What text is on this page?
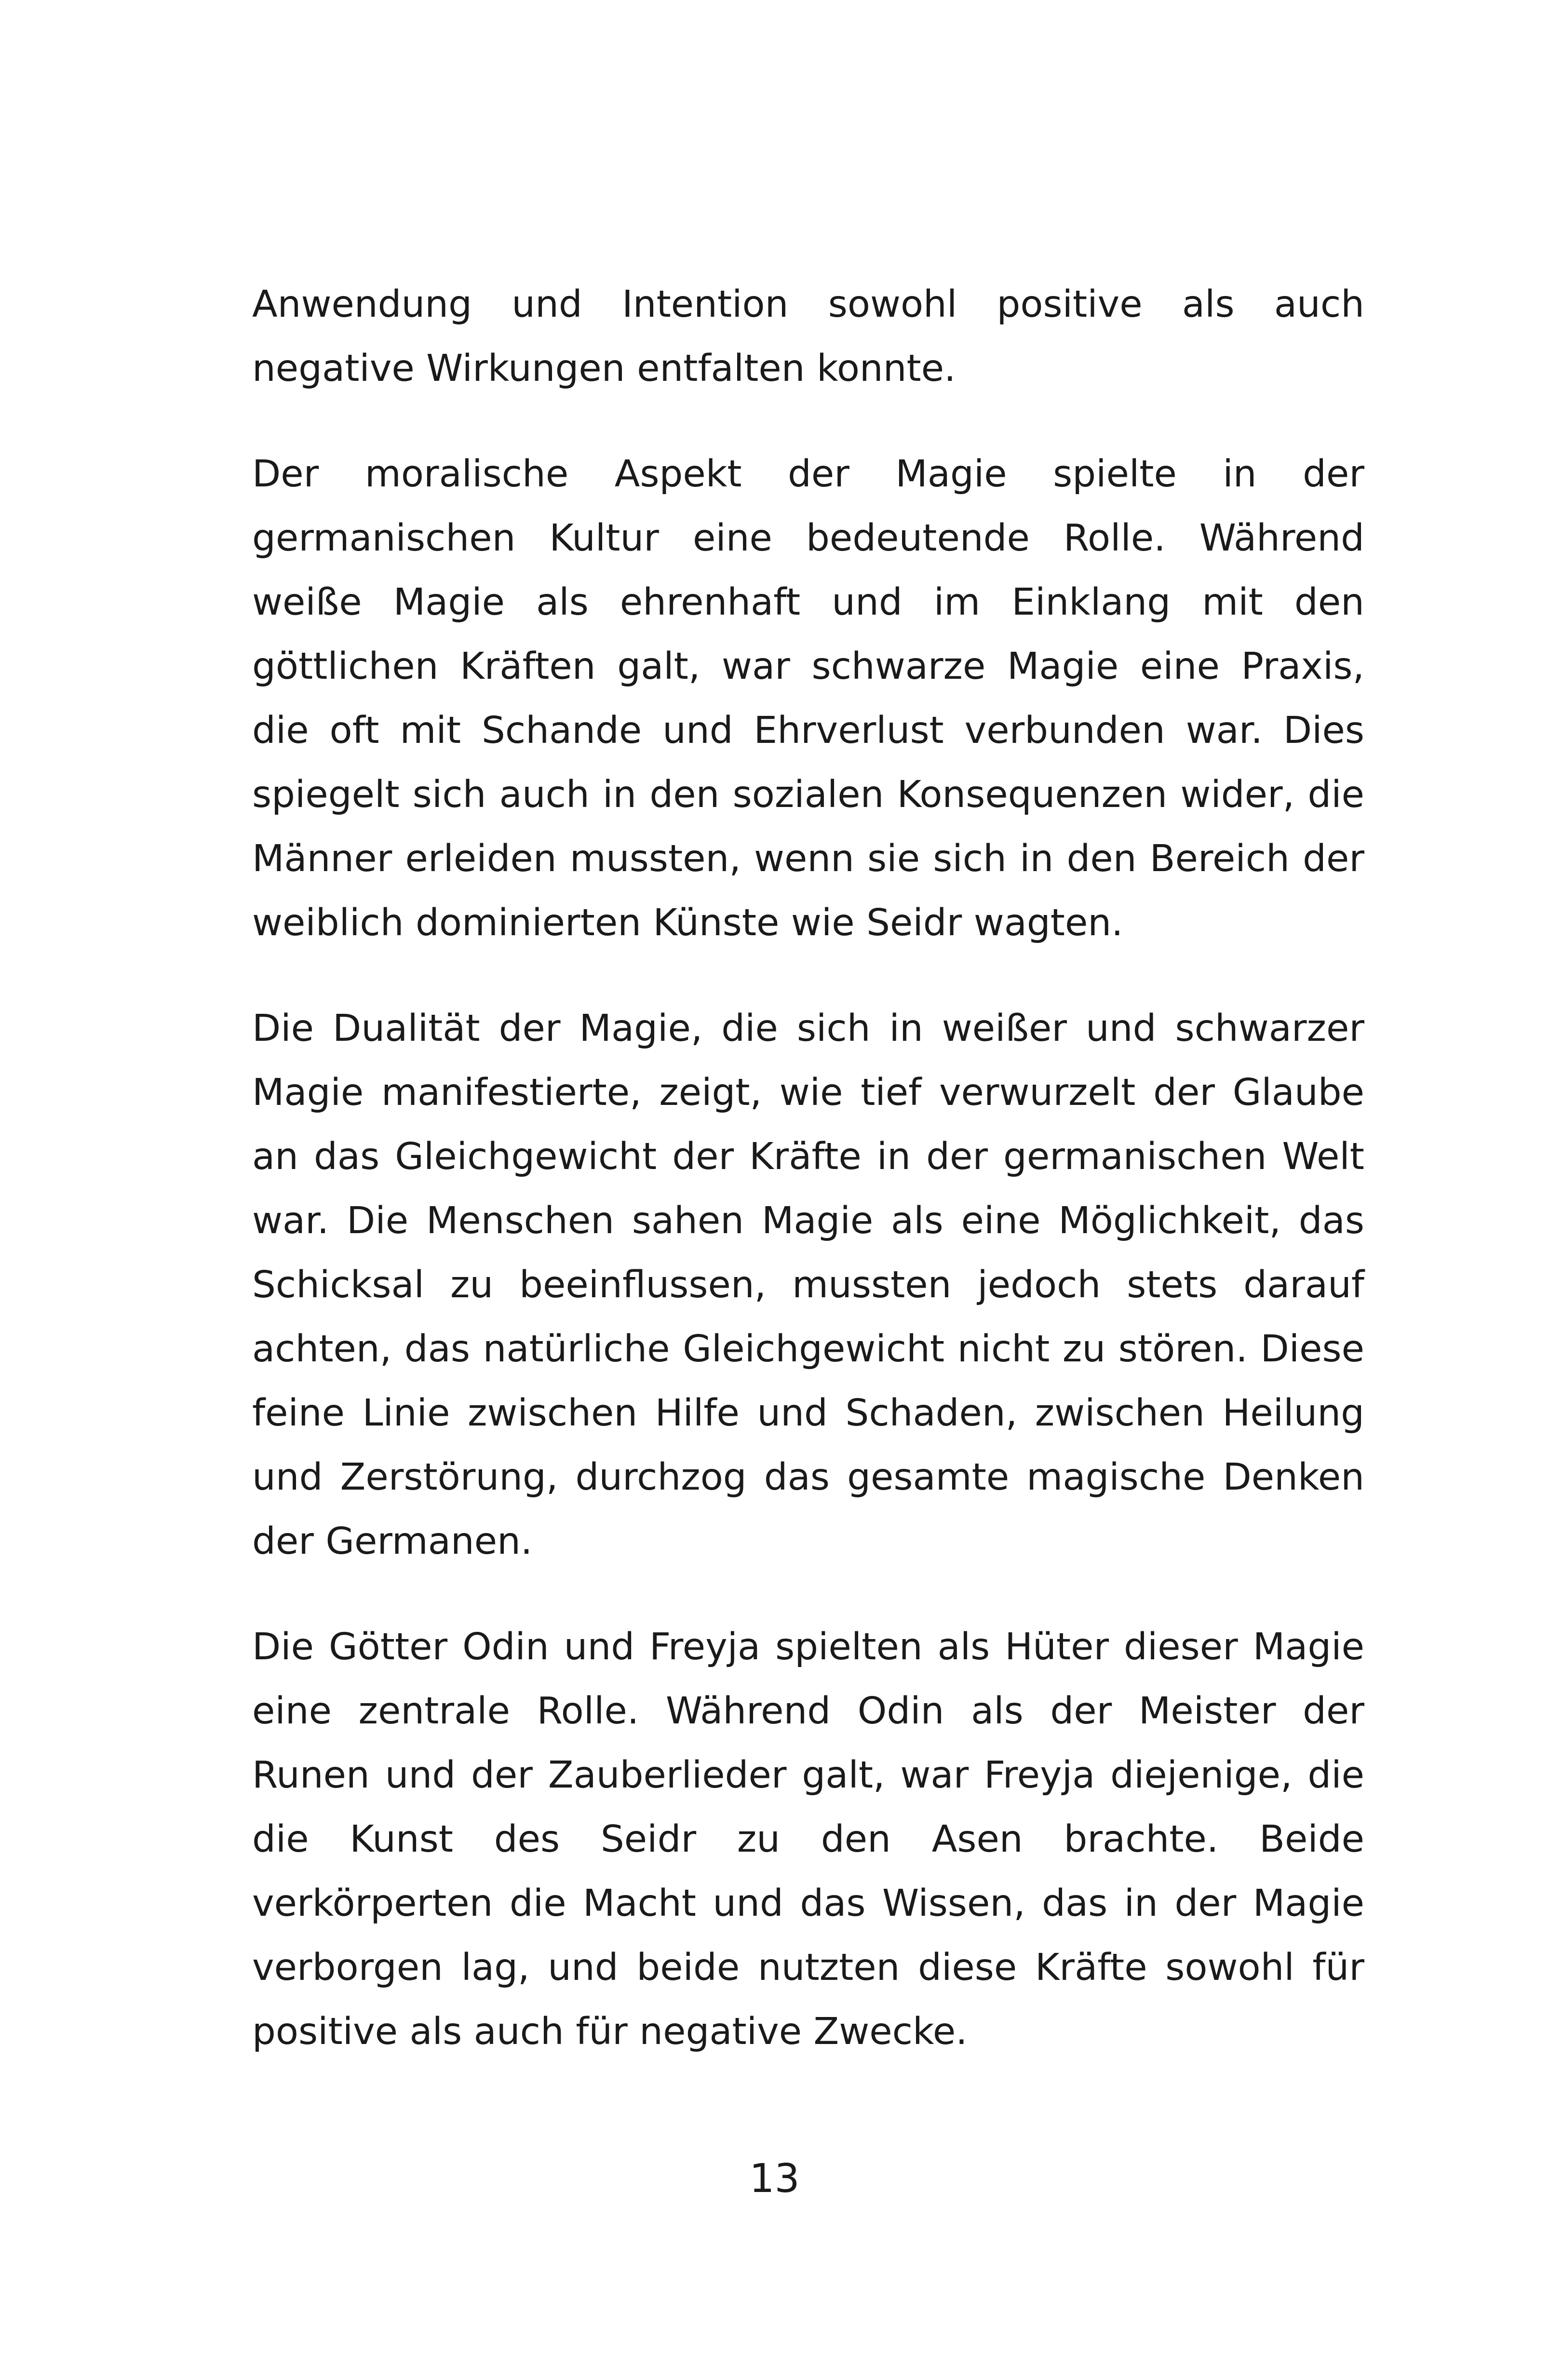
Anwendung und Intention sowohl positive als auch negative Wirkungen entfalten konnte.

Der moralische Aspekt der Magie spielte in der germanischen Kultur eine bedeutende Rolle. Während weiße Magie als ehrenhaft und im Einklang mit den göttlichen Kräften galt, war schwarze Magie eine Praxis, die oft mit Schande und Ehrverlust verbunden war. Dies spiegelt sich auch in den sozialen Konsequenzen wider, die Männer erleiden mussten, wenn sie sich in den Bereich der weiblich dominierten Künste wie Seidr wagten.

Die Dualität der Magie, die sich in weißer und schwarzer Magie manifestierte, zeigt, wie tief verwurzelt der Glaube an das Gleichgewicht der Kräfte in der germanischen Welt war. Die Menschen sahen Magie als eine Möglichkeit, das Schicksal zu beeinflussen, mussten jedoch stets darauf achten, das natürliche Gleichgewicht nicht zu stören. Diese feine Linie zwischen Hilfe und Schaden, zwischen Heilung und Zerstörung, durchzog das gesamte magische Denken der Germanen.

Die Götter Odin und Freyja spielten als Hüter dieser Magie eine zentrale Rolle. Während Odin als der Meister der Runen und der Zauberlieder galt, war Freyja diejenige, die die Kunst des Seidr zu den Asen brachte. Beide verkörperten die Macht und das Wissen, das in der Magie verborgen lag, und beide nutzten diese Kräfte sowohl für positive als auch für negative Zwecke.

13
